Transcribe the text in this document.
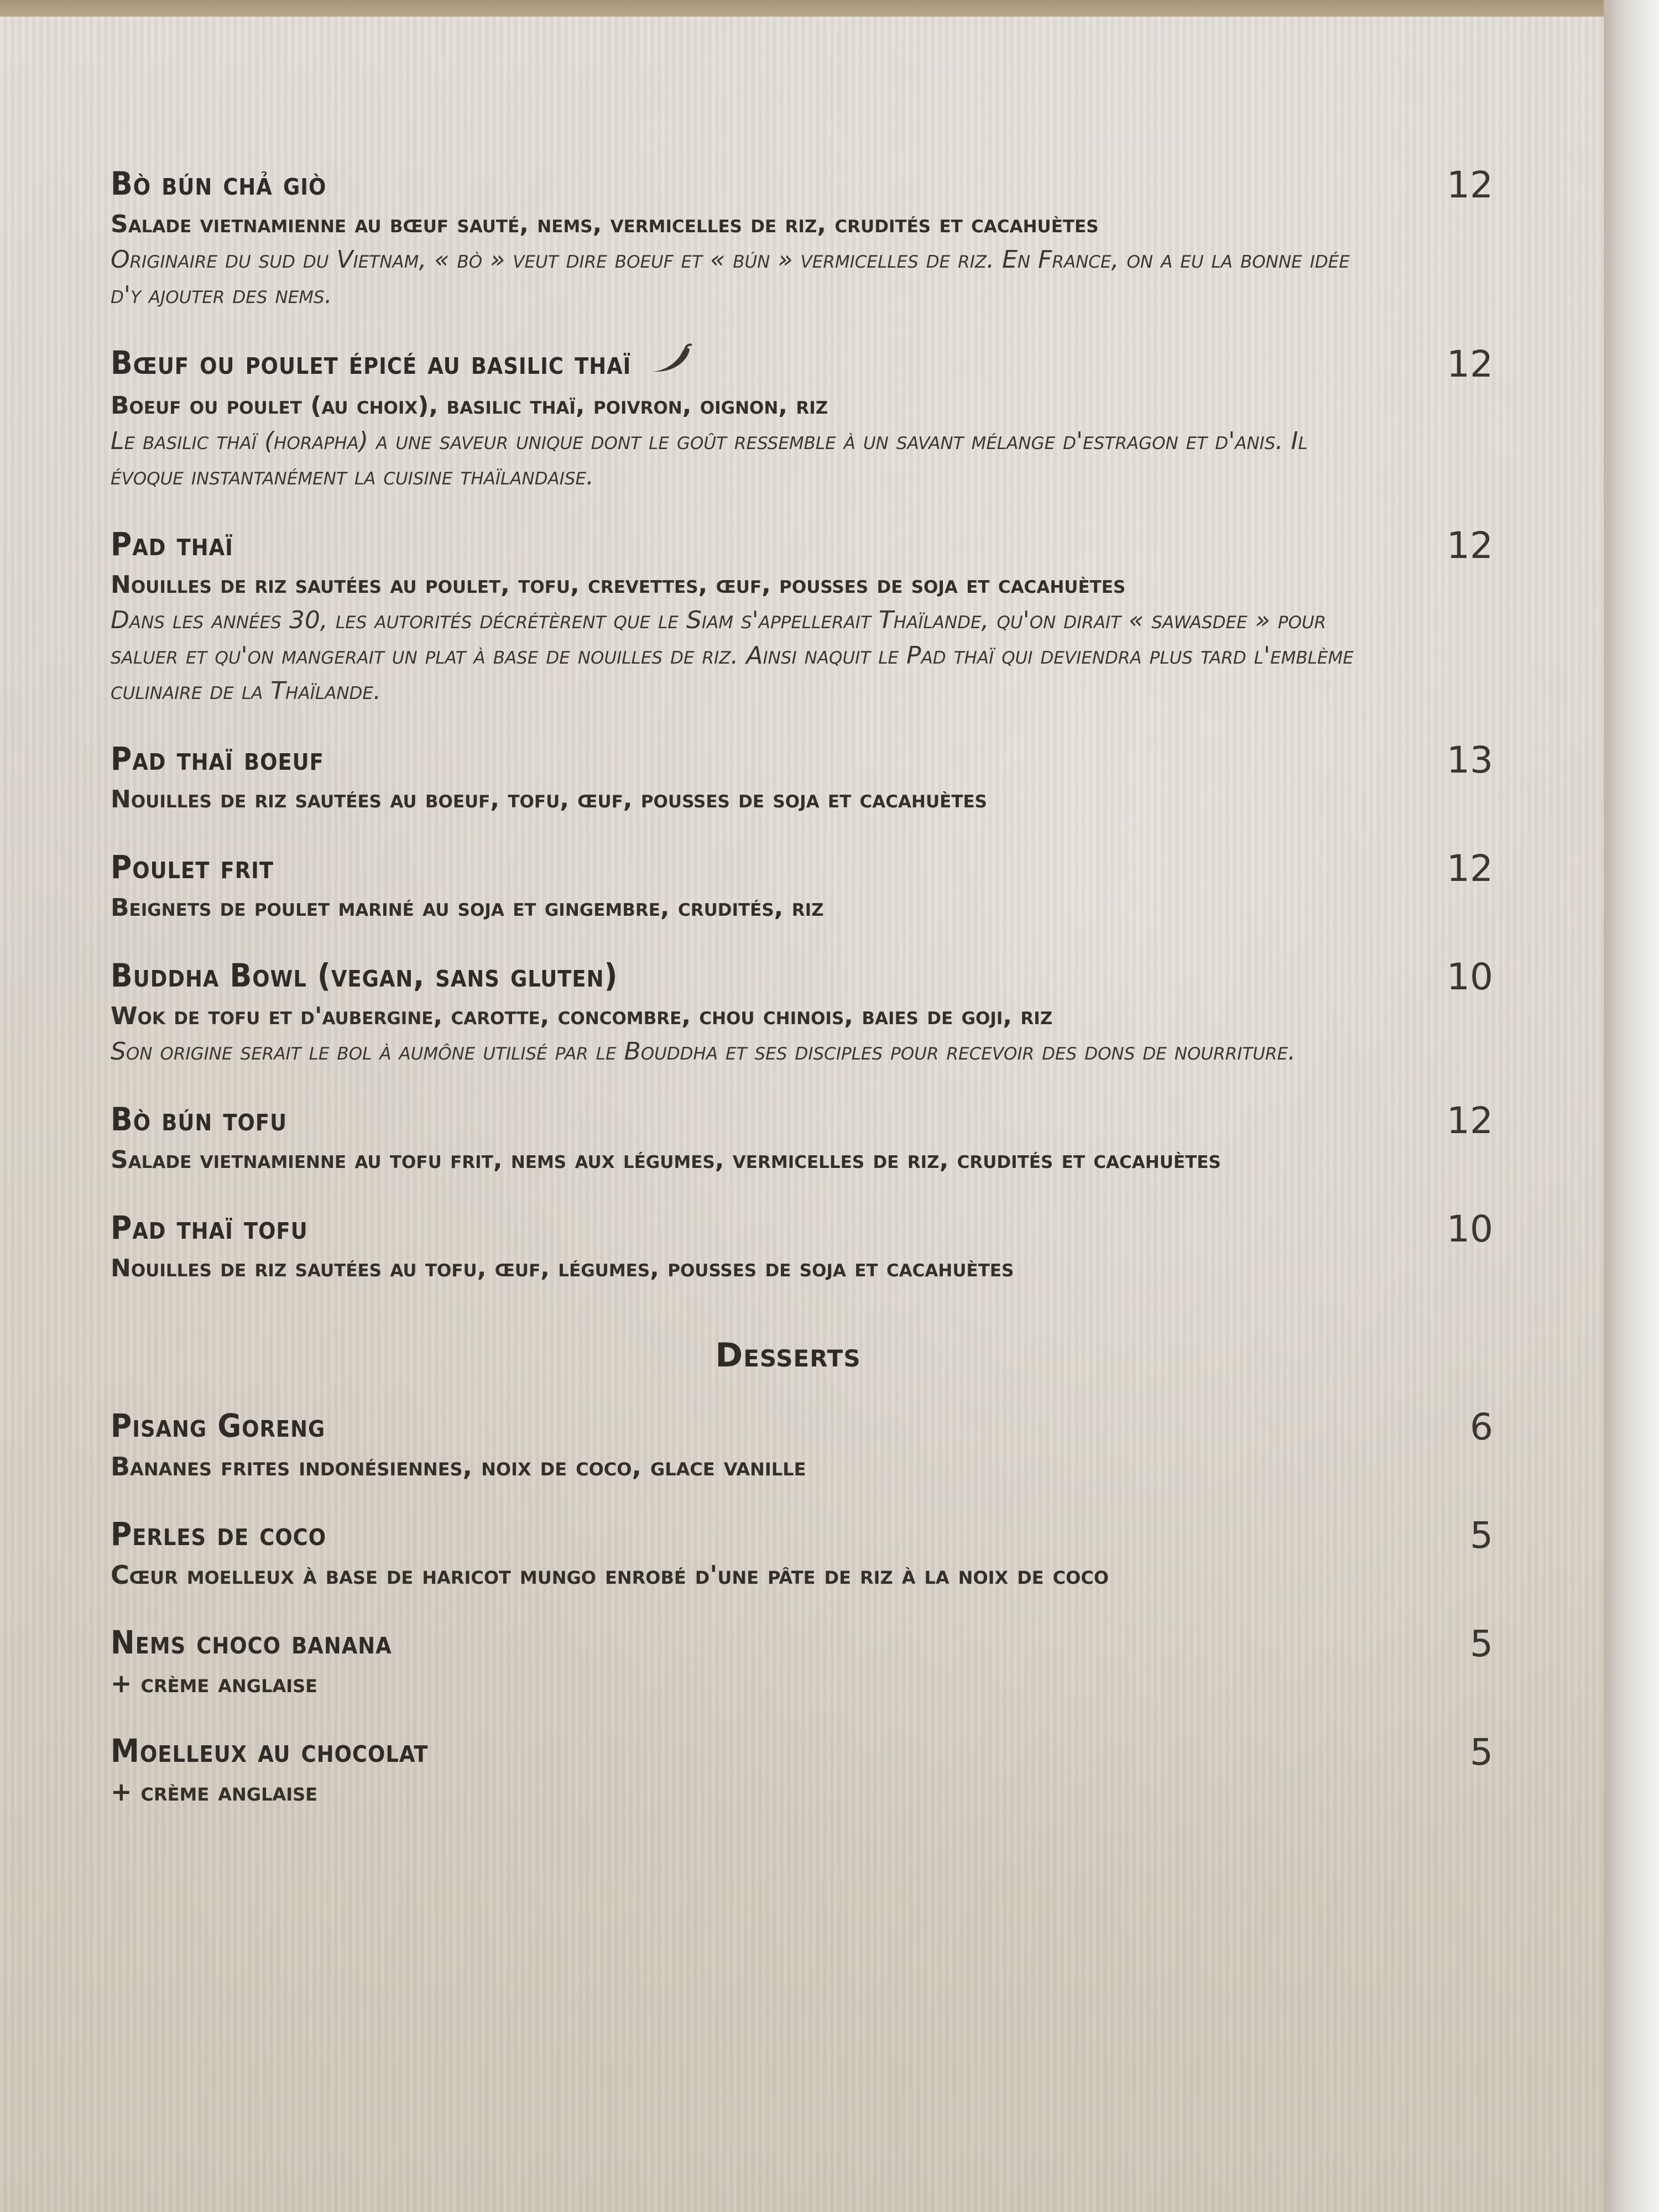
Bò bún chả giò	12
Salade vietnamienne au bœuf sauté, nems, vermicelles de riz, crudités et cacahuètes
Originaire du sud du Vietnam, « bò » veut dire boeuf et « bún » vermicelles de riz. En France, on a eu la bonne idée d'y ajouter des nems.
Bœuf ou poulet épicé au basilic thaï	12
Boeuf ou poulet (au choix), basilic thaï, poivron, oignon, riz
Le basilic thaï (horapha) a une saveur unique dont le goût ressemble à un savant mélange d'estragon et d'anis. Il évoque instantanément la cuisine thaïlandaise.
Pad thaï	12
Nouilles de riz sautées au poulet, tofu, crevettes, œuf, pousses de soja et cacahuètes
Dans les années 30, les autorités décrétèrent que le Siam s'appellerait Thaïlande, qu'on dirait « sawasdee » pour saluer et qu'on mangerait un plat à base de nouilles de riz. Ainsi naquit le Pad thaï qui deviendra plus tard l'emblème culinaire de la Thaïlande.
Pad thaï boeuf	13
Nouilles de riz sautées au boeuf, tofu, œuf, pousses de soja et cacahuètes
Poulet frit	12
Beignets de poulet mariné au soja et gingembre, crudités, riz
Buddha Bowl (vegan, sans gluten)	10
Wok de tofu et d'aubergine, carotte, concombre, chou chinois, baies de goji, riz
Son origine serait le bol à aumône utilisé par le Bouddha et ses disciples pour recevoir des dons de nourriture.
Bò bún tofu	12
Salade vietnamienne au tofu frit, nems aux légumes, vermicelles de riz, crudités et cacahuètes
Pad thaï tofu	10
Nouilles de riz sautées au tofu, œuf, légumes, pousses de soja et cacahuètes
Desserts
Pisang Goreng	6
Bananes frites indonésiennes, noix de coco, glace vanille
Perles de coco	5
Cœur moelleux à base de haricot mungo enrobé d'une pâte de riz à la noix de coco
Nems choco banana	5
+ crème anglaise
Moelleux au chocolat	5
+ crème anglaise
